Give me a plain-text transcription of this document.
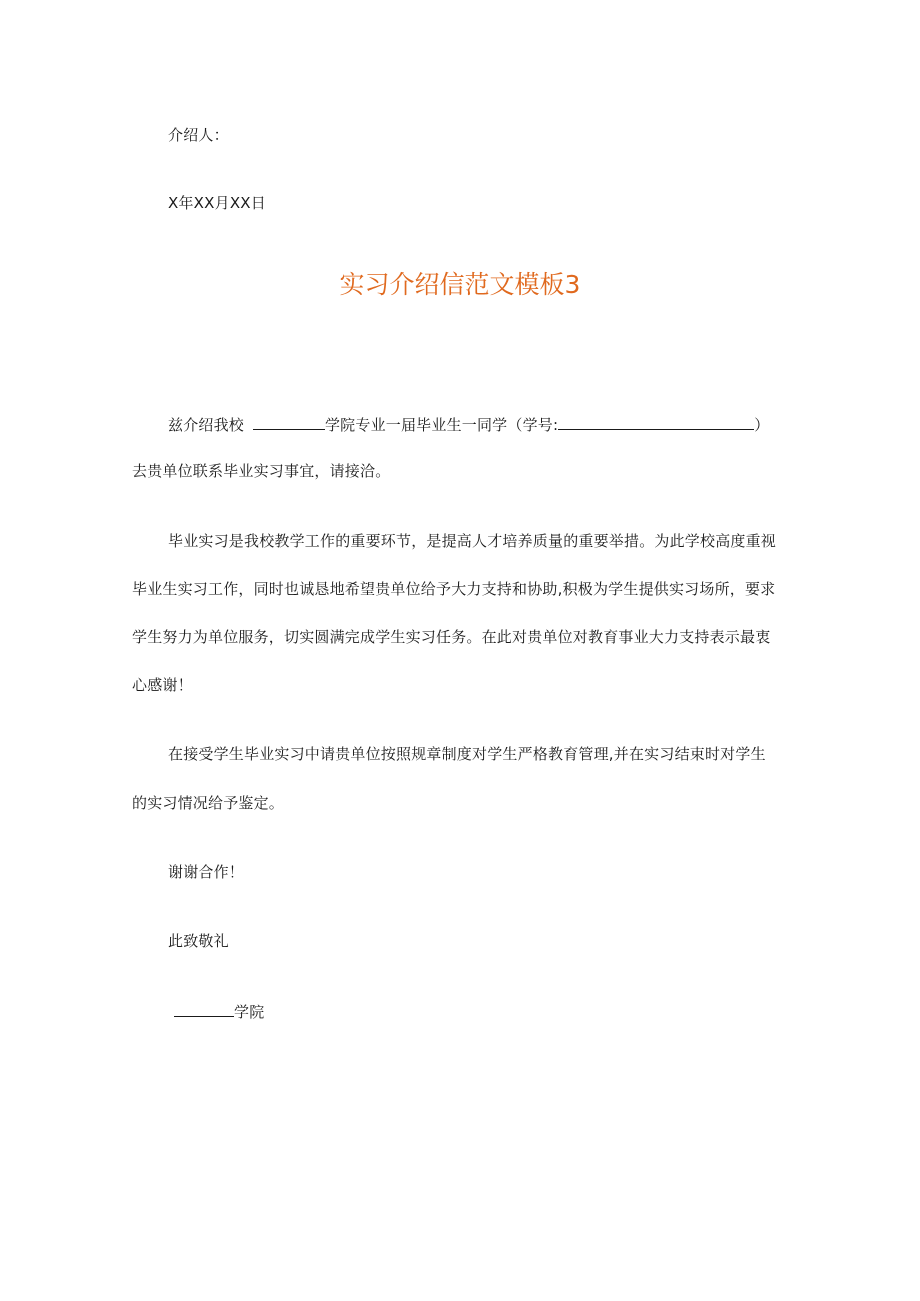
介绍人：
X年XX月XX日
实习介绍信范文模板3
兹介绍我校	学院专业一届毕业生一同学（学号:	）
去贵单位联系毕业实习事宜，请接洽。
毕业实习是我校教学工作的重要环节，是提高人才培养质量的重要举措。为此学校高度重视
毕业生实习工作，同时也诚恳地希望贵单位给予大力支持和协助,积极为学生提供实习场所，要求
学生努力为单位服务，切实圆满完成学生实习任务。在此对贵单位对教育事业大力支持表示最衷
心感谢！
在接受学生毕业实习中请贵单位按照规章制度对学生严格教育管理,并在实习结束时对学生
的实习情况给予鉴定。
谢谢合作！
此致敬礼
学院
